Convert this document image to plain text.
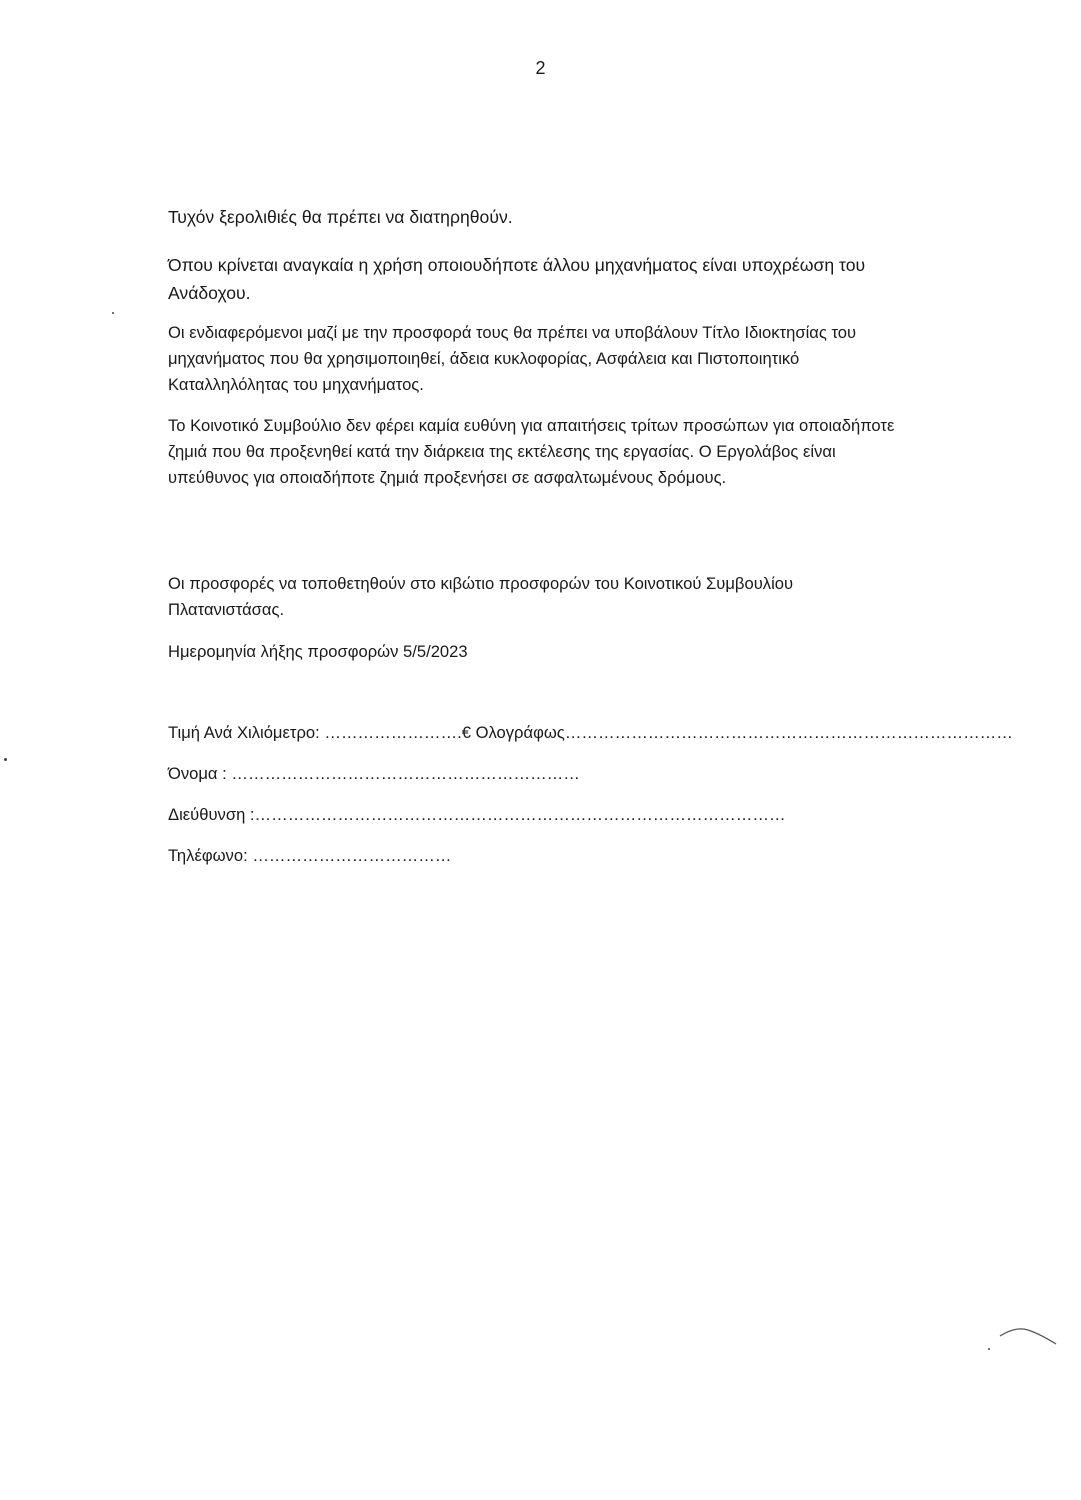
2

Τυχόν ξερολιθιές θα πρέπει να διατηρηθούν.

Όπου κρίνεται αναγκαία η χρήση οποιουδήποτε άλλου μηχανήματος είναι υποχρέωση του Ανάδοχου.

Οι ενδιαφερόμενοι μαζί με την προσφορά τους θα πρέπει να υποβάλουν Τίτλο Ιδιοκτησίας του μηχανήματος που θα χρησιμοποιηθεί, άδεια κυκλοφορίας, Ασφάλεια και Πιστοποιητικό Καταλληλόλητας του μηχανήματος.

Το Κοινοτικό Συμβούλιο δεν φέρει καμία ευθύνη για απαιτήσεις τρίτων προσώπων για οποιαδήποτε ζημιά που θα προξενηθεί κατά την διάρκεια της εκτέλεσης της εργασίας. Ο Εργολάβος είναι υπεύθυνος για οποιαδήποτε ζημιά προξενήσει σε ασφαλτωμένους δρόμους.

Οι προσφορές να τοποθετηθούν στο κιβώτιο προσφορών του Κοινοτικού Συμβουλίου Πλατανιστάσας.

Ημερομηνία λήξης προσφορών 5/5/2023

Τιμή Ανά Χιλιόμετρο: …………………….€ Ολογράφως………………………………………………………………………
Όνομα : ………………………………………………………
Διεύθυνση :……………………………………………………………………………………
Τηλέφωνο: ………………………………
